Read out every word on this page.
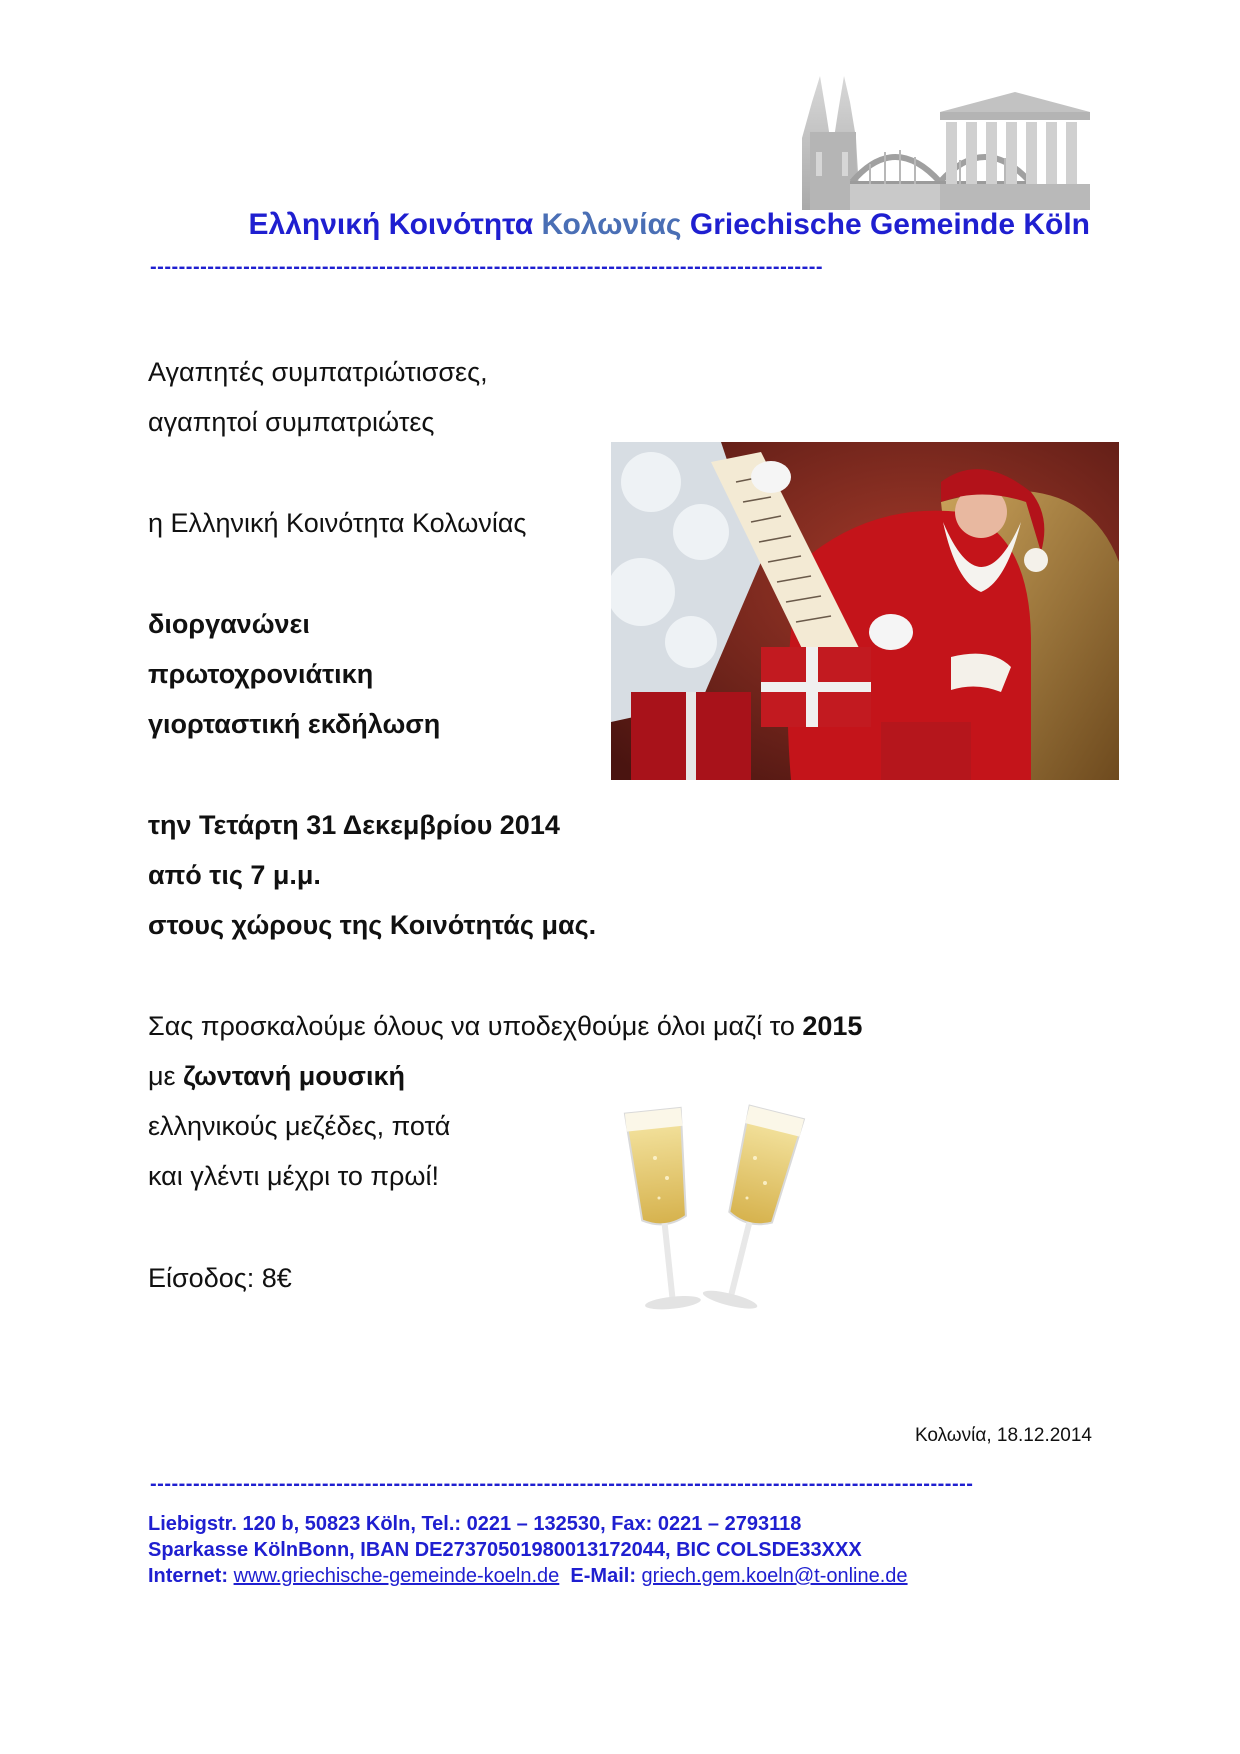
Ελληνική Κοινότητα Κολωνίας Griechische Gemeinde Köln
----------------------------------------------------------------------------------------------
Αγαπητές συμπατριώτισσες,
αγαπητοί συμπατριώτες
η Ελληνική Κοινότητα Κολωνίας
διοργανώνει
πρωτοχρονιάτικη
γιορταστική εκδήλωση
την Τετάρτη 31 Δεκεμβρίου 2014
από τις 7 μ.μ.
στους χώρους της Κοινότητάς μας.
Σας προσκαλούμε όλους να υποδεχθούμε όλοι μαζί το 2015
με ζωντανή μουσική
ελληνικούς μεζέδες, ποτά
και γλέντι μέχρι το πρωί!
Είσοδος: 8€
Κολωνία, 18.12.2014
-------------------------------------------------------------------------------------------------------------------
Liebigstr. 120 b, 50823 Köln, Tel.: 0221 – 132530, Fax: 0221 – 2793118
Sparkasse KölnBonn, IBAN DE27370501980013172044, BIC COLSDE33XXX
Internet: www.griechische-gemeinde-koeln.de E-Mail: griech.gem.koeln@t-online.de
